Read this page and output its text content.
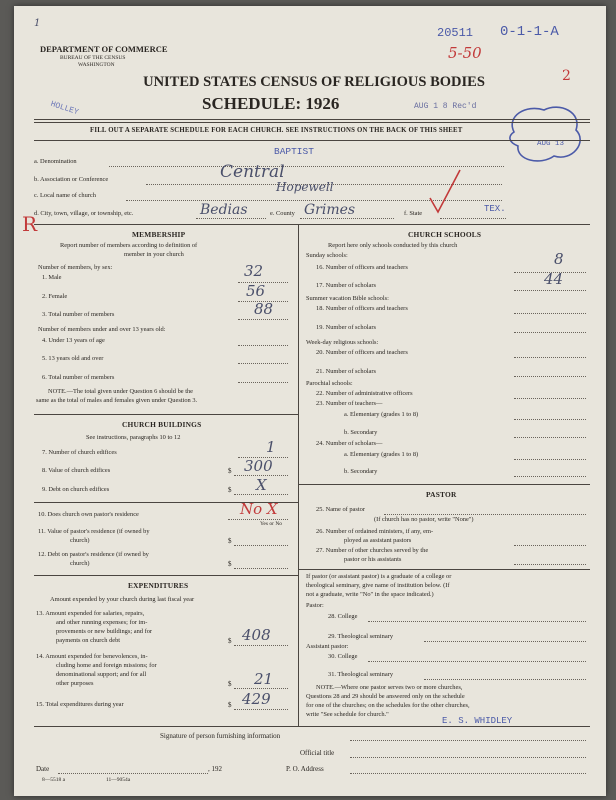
DEPARTMENT OF COMMERCE
BUREAU OF THE CENSUS
WASHINGTON
UNITED STATES CENSUS OF RELIGIOUS BODIES
SCHEDULE: 1926
20511 0-1-1-A
5-50
2
1
AUG 1 8 Rec'd
HOLLEY
AUG 13
FILL OUT A SEPARATE SCHEDULE FOR EACH CHURCH. SEE INSTRUCTIONS ON THE BACK OF THIS SHEET
BAPTIST
a. Denomination
Central
b. Association or Conference
Hopewell
c. Local name of church
d. City, town, village, or township, etc.	Bedias	e. County Grimes	f. State	TEX.
R	MEMBERSHIP
Report number of members according to definition of
member in your church
Number of members, by sex:
1. Male	32
2. Female	56
3. Total number of members	88
Number of members under and over 13 years old:
4. Under 13 years of age
5. 13 years old and over
6. Total number of members
NOTE.—The total given under Question 6 should be the
same as the total of males and females given under Question 3.
CHURCH BUILDINGS
See instructions, paragraphs 10 to 12
7. Number of church edifices	1
8. Value of church edifices	$ 300
9. Debt on church edifices	$ X
10. Does church own pastor's residence	No X
Yes or No
11. Value of pastor's residence (if owned by
church)	$
12. Debt on pastor's residence (if owned by
church)	$
EXPENDITURES
Amount expended by your church during last fiscal year
13. Amount expended for salaries, repairs,
and other running expenses; for im-
provements or new buildings; and for
payments on church debt	$ 408
14. Amount expended for benevolences, in-
cluding home and foreign missions; for
denominational support; and for all
other purposes	$ 21
15. Total expenditures during year	$ 429
CHURCH SCHOOLS
Report here only schools conducted by this church
Sunday schools:
16. Number of officers and teachers	8
17. Number of scholars	44
Summer vacation Bible schools:
18. Number of officers and teachers
19. Number of scholars
Week-day religious schools:
20. Number of officers and teachers
21. Number of scholars
Parochial schools:
22. Number of administrative officers
23. Number of teachers—
a. Elementary (grades 1 to 8)
b. Secondary
24. Number of scholars—
a. Elementary (grades 1 to 8)
b. Secondary
PASTOR
25. Name of pastor
(If church has no pastor, write "None")
26. Number of ordained ministers, if any, em-
ployed as assistant pastors
27. Number of other churches served by the
pastor or his assistants
If pastor (or assistant pastor) is a graduate of a college or
theological seminary, give name of institution below. (If
not a graduate, write "No" in the space indicated.)
Pastor:
28. College
29. Theological seminary
Assistant pastor:
30. College
31. Theological seminary
NOTE.—Where one pastor serves two or more churches,
Questions 28 and 29 should be answered only on the schedule
for one of the churches; on the schedules for the other churches,
write "See schedule for church."
E. S. WHIDLEY
Signature of person furnishing information
Official title
Date	, 192	P. O. Address
8—5518 a	11—9054a
